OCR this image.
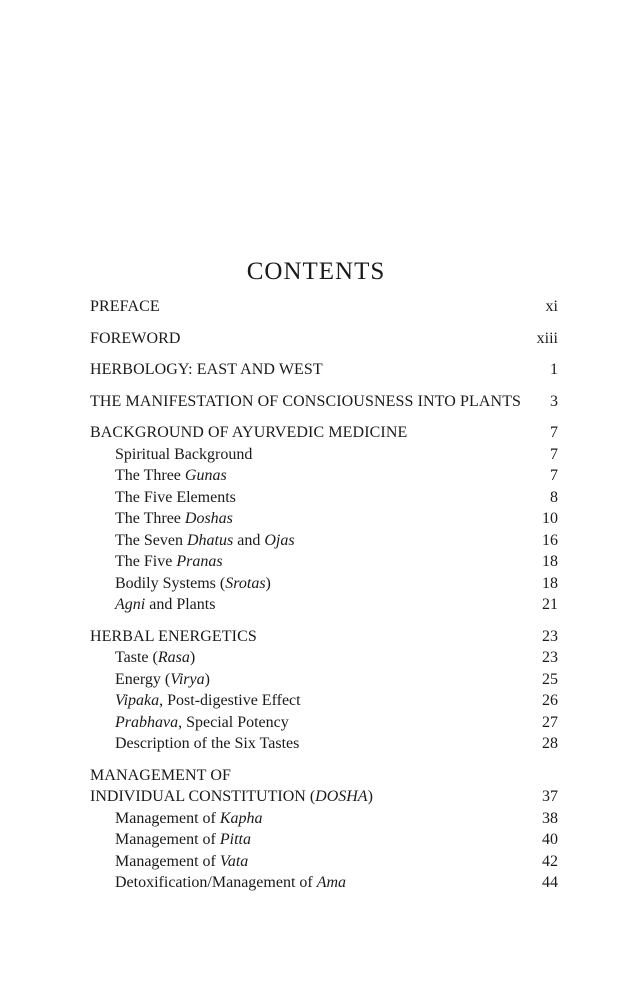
CONTENTS
PREFACE	xi
FOREWORD	xiii
HERBOLOGY: EAST AND WEST	1
THE MANIFESTATION OF CONSCIOUSNESS INTO PLANTS	3
BACKGROUND OF AYURVEDIC MEDICINE	7
Spiritual Background	7
The Three Gunas	7
The Five Elements	8
The Three Doshas	10
The Seven Dhatus and Ojas	16
The Five Pranas	18
Bodily Systems (Srotas)	18
Agni and Plants	21
HERBAL ENERGETICS	23
Taste (Rasa)	23
Energy (Virya)	25
Vipaka, Post-digestive Effect	26
Prabhava, Special Potency	27
Description of the Six Tastes	28
MANAGEMENT OF
INDIVIDUAL CONSTITUTION (DOSHA)	37
Management of Kapha	38
Management of Pitta	40
Management of Vata	42
Detoxification/Management of Ama	44
